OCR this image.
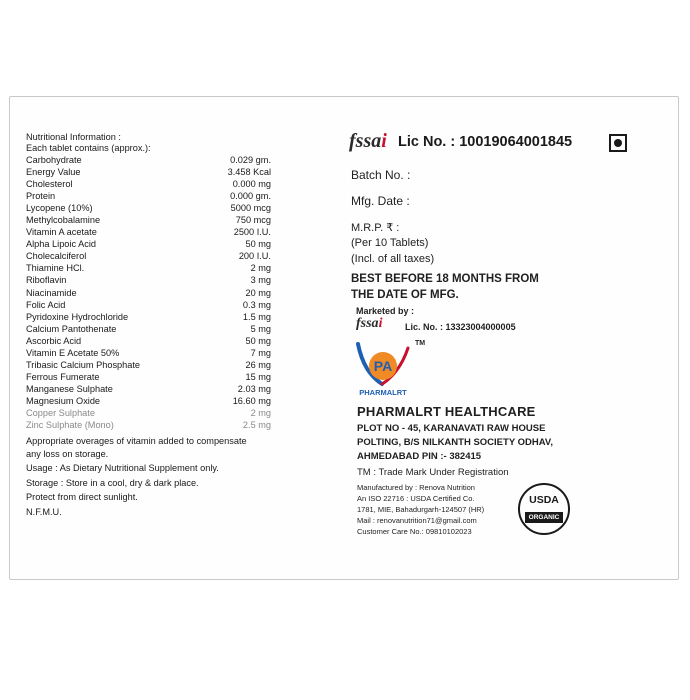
Nutritional Information :
Each tablet contains (approx.):
Carbohydrate	0.029 gm.
Energy Value	3.458 Kcal
Cholesterol	0.000 mg
Protein	0.000 gm.
Lycopene (10%)	5000 mcg
Methylcobalamine	750 mcg
Vitamin A acetate	2500 I.U.
Alpha Lipoic Acid	50 mg
Cholecalciferol	200 I.U.
Thiamine HCl.	2 mg
Riboflavin	3 mg
Niacinamide	20 mg
Folic Acid	0.3 mg
Pyridoxine Hydrochloride	1.5 mg
Calcium Pantothenate	5 mg
Ascorbic Acid	50 mg
Vitamin E Acetate 50%	7 mg
Tribasic Calcium Phosphate	26 mg
Ferrous Fumerate	15 mg
Manganese Sulphate	2.03 mg
Magnesium Oxide	16.60 mg
Copper Sulphate	2 mg
Zinc Sulphate (Mono)	2.5 mg
Appropriate overages of vitamin added to compensate
any loss on storage.
Usage : As Dietary Nutritional Supplement only.
Storage : Store in a cool, dry & dark place.
Protect from direct sunlight.
N.F.M.U.
fssai Lic No. : 10019064001845
Batch No. :
Mfg. Date :
M.R.P. ₹ :
(Per 10 Tablets)
(Incl. of all taxes)
BEST BEFORE 18 MONTHS FROM
THE DATE OF MFG.
Marketed by :
fssai	Lic. No. : 13323004000005
PA
PHARMALRT
TM
PHARMALRT HEALTHCARE
PLOT NO - 45, KARANAVATI RAW HOUSE
POLTING, B/S NILKANTH SOCIETY ODHAV,
AHMEDABAD PIN :- 382415
TM : Trade Mark Under Registration
Manufactured by : Renova Nutrition
An ISO 22716 : USDA Certified Co.
1781, MIE, Bahadurgarh-124507 (HR)
Mail : renovanutrition71@gmail.com
Customer Care No.: 09810102023
USDA
ORGANIC
